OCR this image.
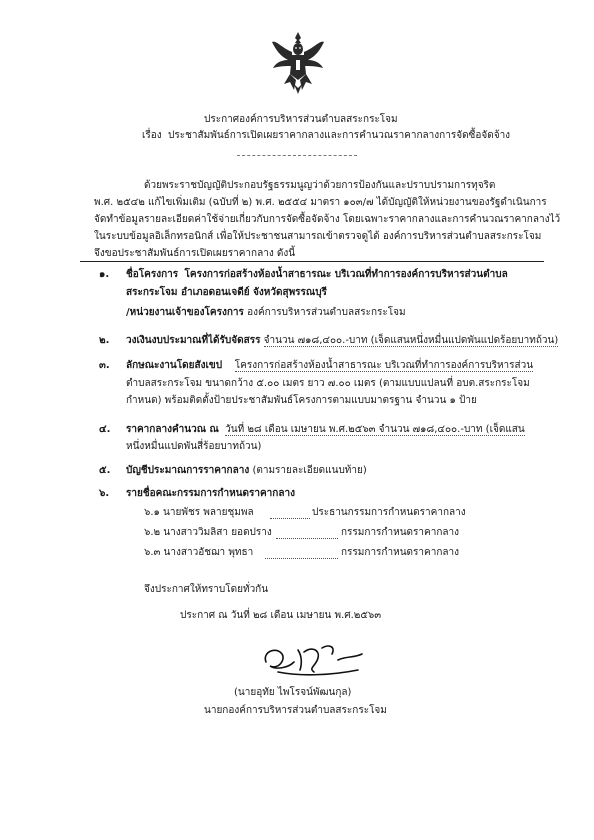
ประกาศองค์การบริหารส่วนตำบลสระกระโจม
เรื่อง ประชาสัมพันธ์การเปิดเผยราคากลางและการคำนวณราคากลางการจัดซื้อจัดจ้าง
ด้วยพระราชบัญญัติประกอบรัฐธรรมนูญว่าด้วยการป้องกันและปราบปรามการทุจริต
พ.ศ. ๒๕๔๒ แก้ไขเพิ่มเติม (ฉบับที่ ๒) พ.ศ. ๒๕๕๔ มาตรา ๑๐๓/๗ ได้บัญญัติให้หน่วยงานของรัฐดำเนินการ
จัดทำข้อมูลรายละเอียดค่าใช้จ่ายเกี่ยวกับการจัดซื้อจัดจ้าง โดยเฉพาะราคากลางและการคำนวณราคากลางไว้
ในระบบข้อมูลอิเล็กทรอนิกส์ เพื่อให้ประชาชนสามารถเข้าตรวจดูได้ องค์การบริหารส่วนตำบลสระกระโจม
จึงขอประชาสัมพันธ์การเปิดเผยราคากลาง ดังนี้
๑. ชื่อโครงการ โครงการก่อสร้างห้องน้ำสาธารณะ บริเวณที่ทำการองค์การบริหารส่วนตำบล
สระกระโจม อำเภอดอนเจดีย์ จังหวัดสุพรรณบุรี
/หน่วยงานเจ้าของโครงการ องค์การบริหารส่วนตำบลสระกระโจม
๒. วงเงินงบประมาณที่ได้รับจัดสรร จำนวน ๗๑๘,๔๐๐.-บาท (เจ็ดแสนหนึ่งหมื่นแปดพันแปดร้อยบาทถ้วน)
๓. ลักษณะงานโดยสังเขป โครงการก่อสร้างห้องน้ำสาธารณะ บริเวณที่ทำการองค์การบริหารส่วน
ตำบลสระกระโจม ขนาดกว้าง ๕.๐๐ เมตร ยาว ๗.๐๐ เมตร (ตามแบบแปลนที่ อบต.สระกระโจม
กำหนด) พร้อมติดตั้งป้ายประชาสัมพันธ์โครงการตามแบบมาตรฐาน จำนวน ๑ ป้าย
๔. ราคากลางคำนวณ ณ วันที่ ๒๘ เดือน เมษายน พ.ศ.๒๕๖๓ จำนวน ๗๑๘,๔๐๐.-บาท (เจ็ดแสน
หนึ่งหมื่นแปดพันสี่ร้อยบาทถ้วน)
๕. บัญชีประมาณการราคากลาง (ตามรายละเอียดแนบท้าย)
๖. รายชื่อคณะกรรมการกำหนดราคากลาง
๖.๑ นายพัชร พลายชุมพล	ประธานกรรมการกำหนดราคากลาง
๖.๒ นางสาววิมลิสา ยอดปราง	กรรมการกำหนดราคากลาง
๖.๓ นางสาวอัชฌา พุทธา	กรรมการกำหนดราคากลาง
จึงประกาศให้ทราบโดยทั่วกัน
ประกาศ ณ วันที่ ๒๘ เดือน เมษายน พ.ศ.๒๕๖๓
(นายอุทัย ไพโรจน์พัฒนกุล)
นายกองค์การบริหารส่วนตำบลสระกระโจม
